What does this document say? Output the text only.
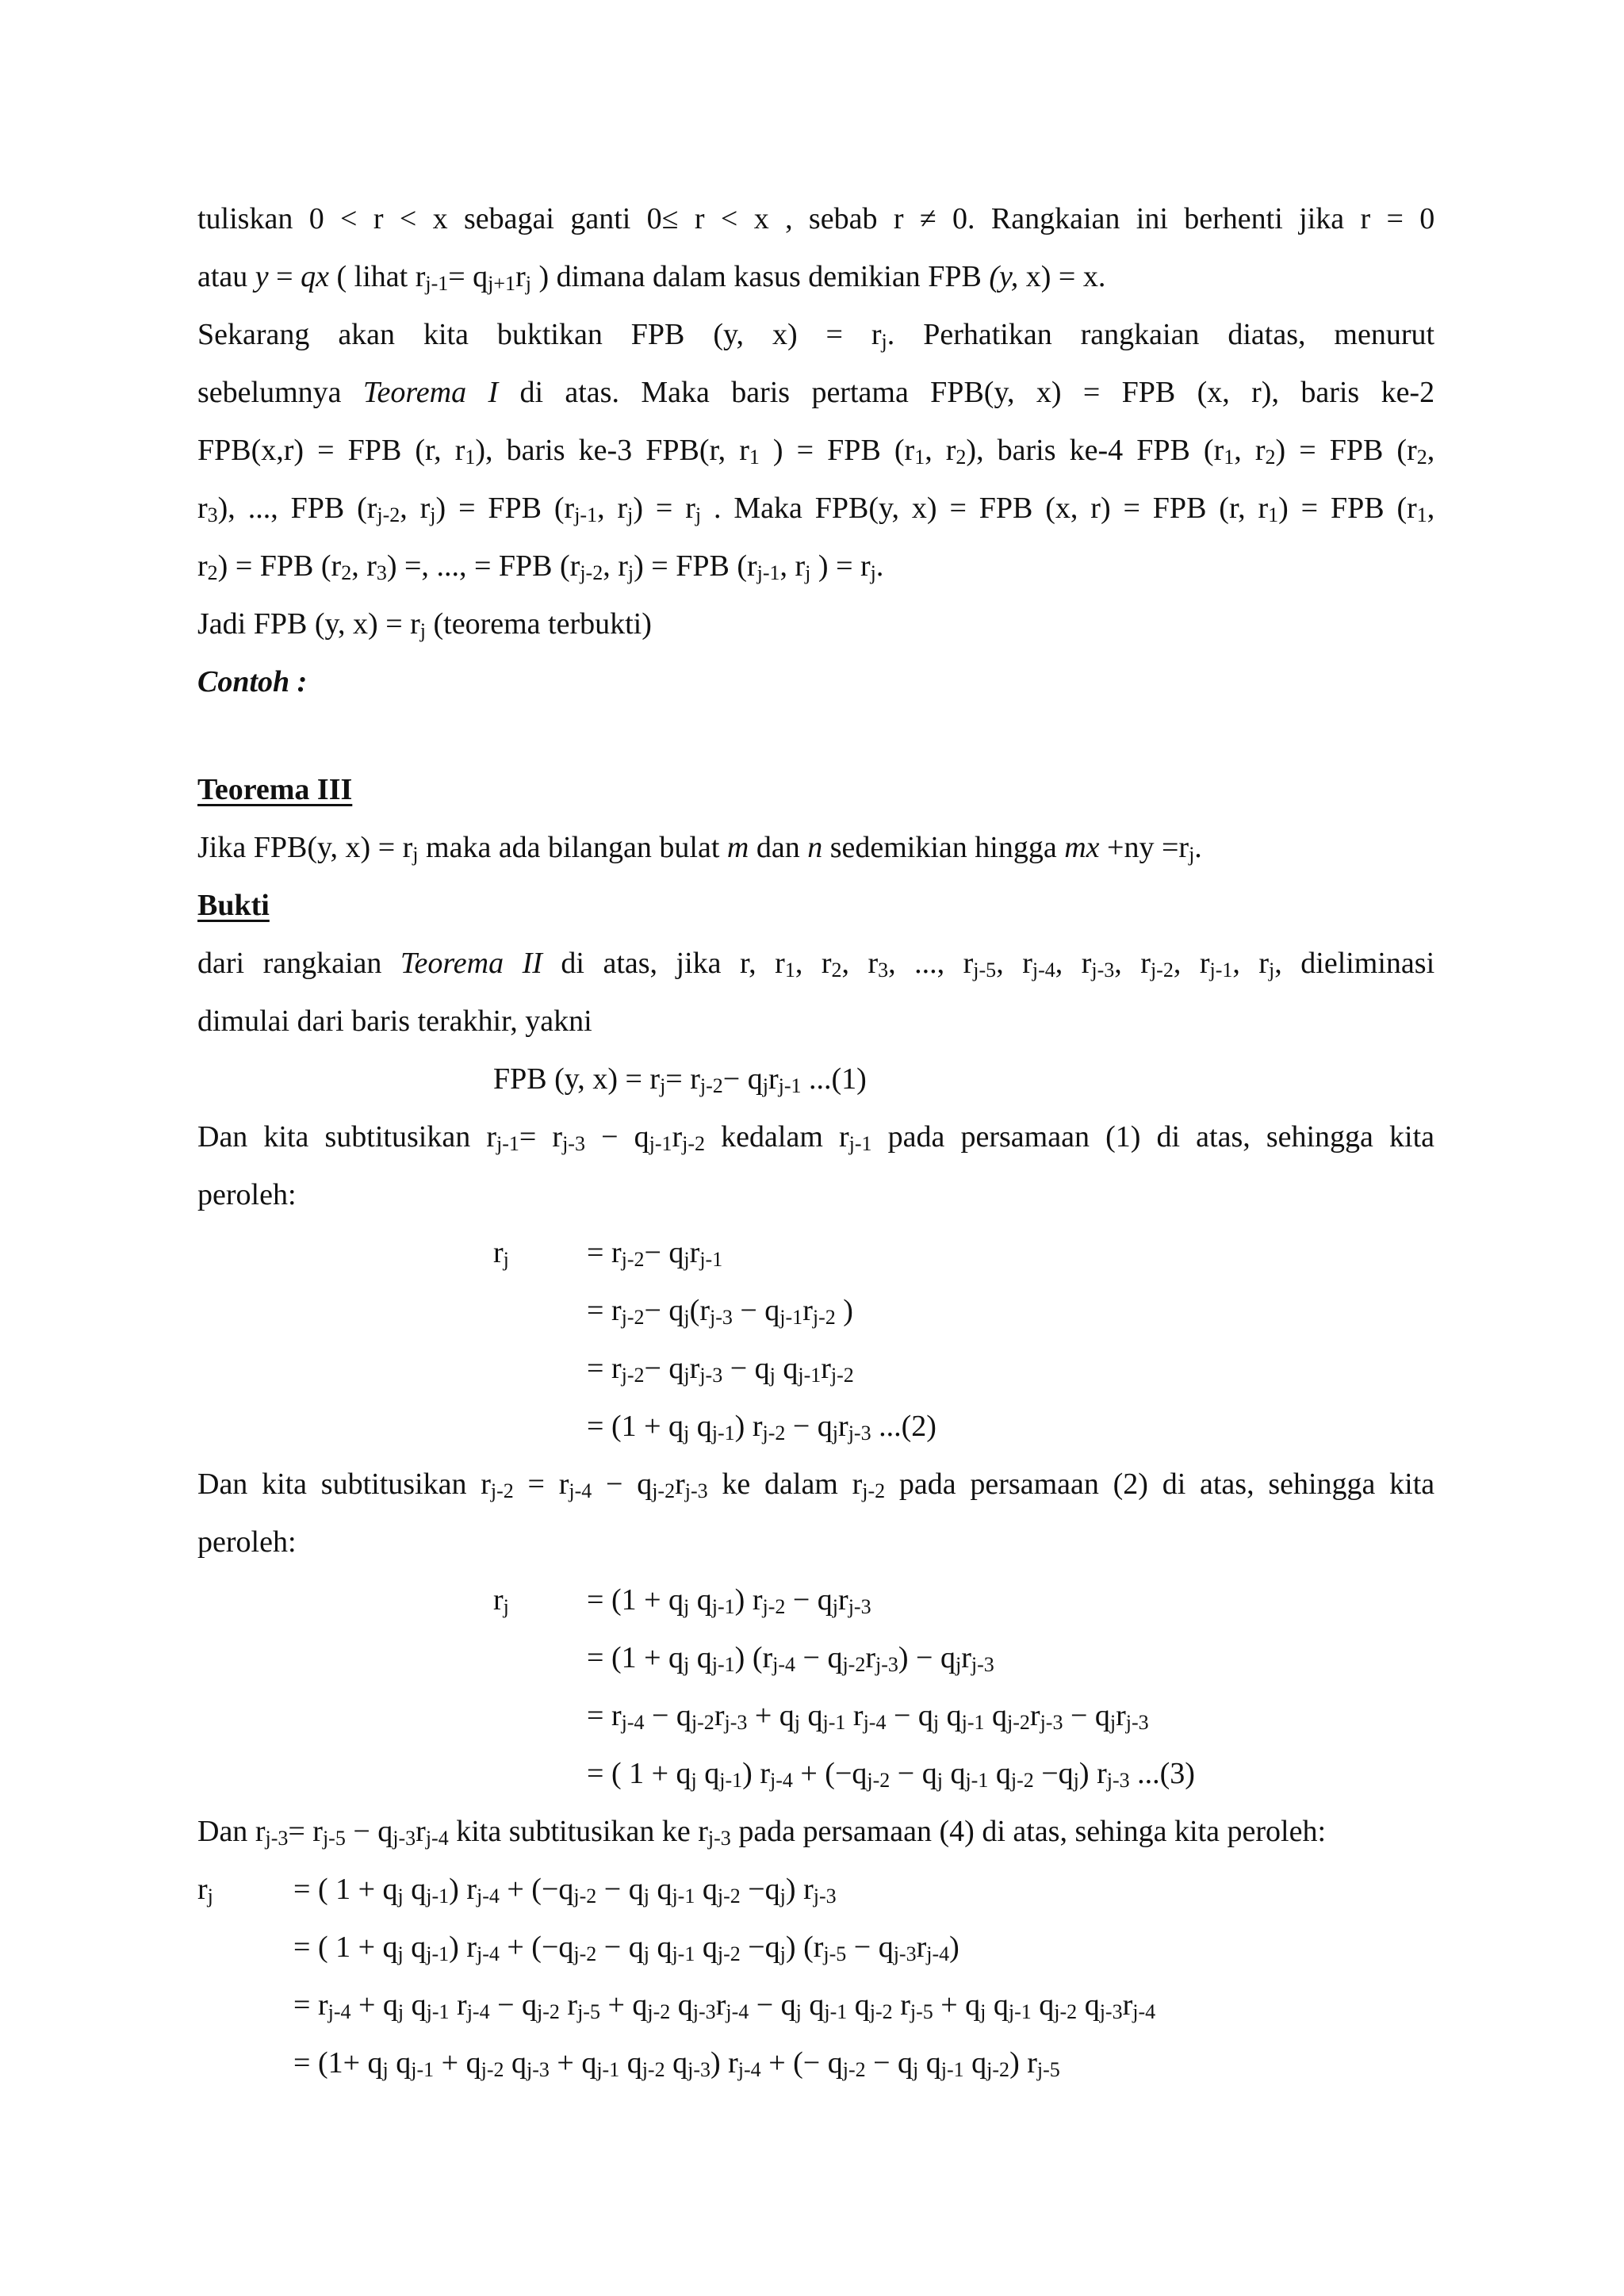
tuliskan 0 < r < x sebagai ganti 0≤ r < x , sebab r ≠ 0. Rangkaian ini berhenti jika r = 0
atau y = qx ( lihat $r_{j-1}= q_{j+1}r_j$ ) dimana dalam kasus demikian FPB (y, x) = x.
Sekarang akan kita buktikan FPB (y, $x) = r_j$. Perhatikan rangkaian diatas, menurut
sebelumnya Teorema I di atas. Maka baris pertama FPB(y, x) = FPB (x, r), baris ke-2
FPB(x,r) = FPB (r, $r_1$), baris ke-3 FPB(r, $r_1$ ) = FPB ($r_1$, $r_2$), baris ke-4 FPB ($r_1$, $r_2$) = FPB ($r_2$,
$r_3$), ..., FPB ($r_{j-2}$, $r_j$) = FPB ($r_{j-1}$, $r_j) = r_j$ . Maka FPB(y, x) = FPB (x, r) = FPB (r, $r_1$) = FPB ($r_1$,
$r_2$) = FPB ($r_2$, $r_3$) =, ..., = FPB ($r_{j-2}$, $r_j$) = FPB ($r_{j-1}$, $r_j$ ) = $r_j$.
Jadi FPB (y, $x) = r_j$ (teorema terbukti)
Contoh :
Teorema III
Jika FPB(y, $x) = r_j$ maka ada bilangan bulat m dan n sedemikian hingga mx $+ny =r_j$.
Bukti
dari rangkaian Teorema II di atas, jika r, $r_1$, $r_2$, $r_3$, ..., $r_{j-5}$, $r_{j-4}$, $r_{j-3}$, $r_{j-2}$, $r_{j-1}$, $r_j$, dieliminasi
dimulai dari baris terakhir, yakni
FPB (y, $x) = r_j= r_{j-2}- q_jr_{j-1}$ ...(1)
Dan kita subtitusikan $r_{j-1}= r_{j-3} - q_{j-1}r_{j-2}$ kedalam $r_{j-1}$ pada persamaan (1) di atas, sehingga kita
peroleh:
$r_j$	= $r_{j-2}- q_jr_{j-1}$
= $r_{j-2}- q_j(r_{j-3} - q_{j-1}r_{j-2}$ )
= $r_{j-2}- q_jr_{j-3} - q_j$ $q_{j-1}r_{j-2}$
= ($1 + q_j$ $q_{j-1}$) $r_{j-2} - q_jr_{j-3}$ ...(2)
Dan kita subtitusikan $r_{j-2} = r_{j-4} - q_{j-2}r_{j-3}$ ke dalam $r_{j-2}$ pada persamaan (2) di atas, sehingga kita
peroleh:
$r_j$	= ($1 + q_j$ $q_{j-1}$) $r_{j-2} - q_jr_{j-3}$
= ($1 + q_j$ $q_{j-1}$) $(r_{j-4} - q_{j-2}r_{j-3}) - q_jr_{j-3}$
= $r_{j-4} - q_{j-2}r_{j-3} + q_j$ $q_{j-1}$ $r_{j-4} - q_j$ $q_{j-1}$ $q_{j-2}r_{j-3} - q_jr_{j-3}$
= ( $1 + q_j$ $q_{j-1}$) $r_{j-4} + (-q_{j-2} - q_j$ $q_{j-1}$ $q_{j-2} -q_j$) $r_{j-3}$ ...(3)
Dan $r_{j-3}= r_{j-5} - q_{j-3}r_{j-4}$ kita subtitusikan ke $r_{j-3}$ pada persamaan (4) di atas, sehinga kita peroleh:
$r_j$	= ( $1 + q_j$ $q_{j-1}$) $r_{j-4} + (-q_{j-2} - q_j$ $q_{j-1}$ $q_{j-2} -q_j$) $r_{j-3}$
= ( $1 + q_j$ $q_{j-1}$) $r_{j-4} + (-q_{j-2} - q_j$ $q_{j-1}$ $q_{j-2} -q_j$) $(r_{j-5} - q_{j-3}r_{j-4})$
= $r_{j-4} + q_j$ $q_{j-1}$ $r_{j-4} - q_{j-2}$ $r_{j-5} + q_{j-2}$ $q_{j-3}r_{j-4} - q_j$ $q_{j-1}$ $q_{j-2}$ $r_{j-5} + q_j$ $q_{j-1}$ $q_{j-2}$ $q_{j-3}r_{j-4}$
= ($1+ q_j$ $q_{j-1} + q_{j-2}$ $q_{j-3} + q_{j-1}$ $q_{j-2}$ $q_{j-3}$) $r_{j-4}$ + (− $q_{j-2} - q_j$ $q_{j-1}$ $q_{j-2}$) $r_{j-5}$
